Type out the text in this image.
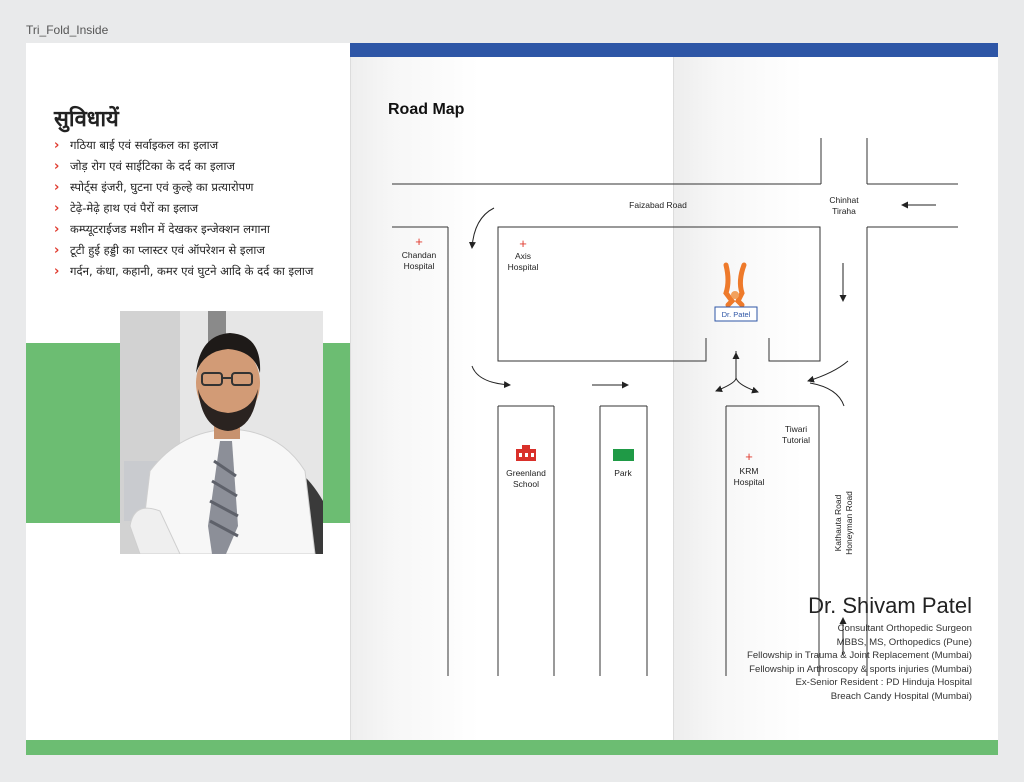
Tri_Fold_Inside
सुविधायें
› गठिया बाई एवं सर्वाइकल का इलाज
› जोड़ रोग एवं साईटिका के दर्द का इलाज
› स्पोर्ट्स इंजरी, घुटना एवं कुल्हे का प्रत्यारोपण
› टेढ़े-मेढ़े हाथ एवं पैरों का इलाज
› कम्प्यूटराईजड मशीन में देखकर इन्जेक्शन लगाना
› टूटी हुई हड्डी का प्लास्टर एवं ऑपरेशन से इलाज
› गर्दन, कंधा, कहानी, कमर एवं घुटने आदि के दर्द का इलाज
Dr. Shivam Patel
Consultant Orthopedic Surgeon
MBBS, MS, Orthopedics (Pune)
Fellowship in Trauma & Joint Replacement (Mumbai)
Fellowship in Arthroscopy & sports injuries (Mumbai)
Ex-Senior Resident : PD Hinduja Hospital
Breach Candy Hospital (Mumbai)
Road Map
Faizabad Road	Chinhat
Tiraha
+
Chandan
Hospital
+
Axis
Hospital
Dr. Patel
Greenland
School
Park
+
KRM
Hospital
Tiwari
Tutorial
Kathauta Road Honeyman Road
